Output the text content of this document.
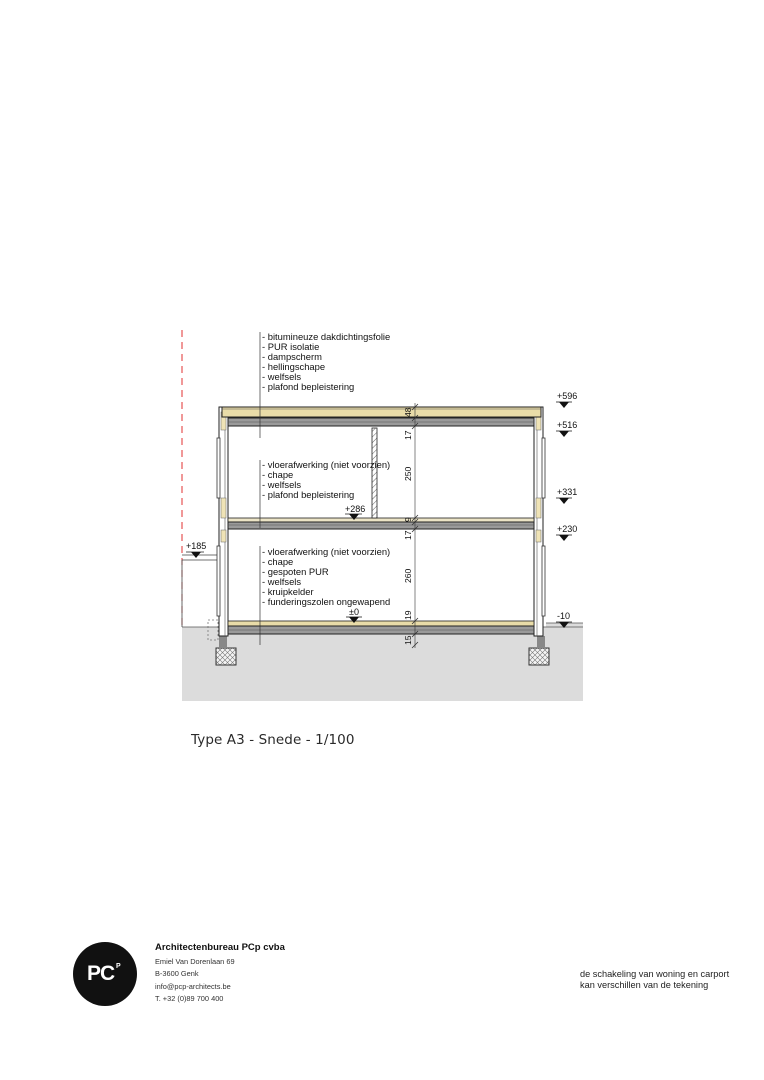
48
17
250
9
17
260
19
15
- bitumineuze dakdichtingsfolie
- PUR isolatie
- dampscherm
- hellingschape
- welfsels
- plafond bepleistering
- vloerafwerking (niet voorzien)
- chape
- welfsels
- plafond bepleistering
- vloerafwerking (niet voorzien)
- chape
- gespoten PUR
- welfsels
- kruipkelder
- funderingszolen ongewapend
+596
+516
+331
+230
+286
+185
±0	-10
Type A3 - Snede - 1/100
PC P
Architectenbureau PCp cvba
Emiel Van Dorenlaan 69
B-3600 Genk
info@pcp-architects.be
T. +32 (0)89 700 400
de schakeling van woning en carport
kan verschillen van de tekening
